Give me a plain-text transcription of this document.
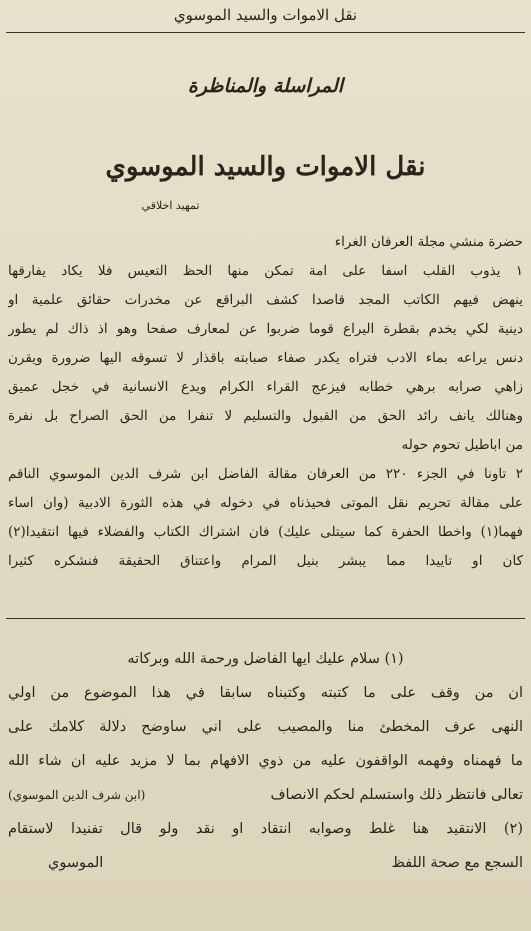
نقل الاموات والسيد الموسوي
المراسلة والمناظرة
نقل الاموات والسيد الموسوي
تمهيد اخلاقي
حضرة منشي مجلة العرفان الغراء
١ يذوب القلب اسفا على امة تمكن منها الحظ التعيس فلا يكاد يفارقها
ينهض فيهم الكاتب المجد قاصدا كشف البراقع عن مخدرات حقائق علمية او
دينية لكي يخدم بقطرة اليراع قوما ضربوا عن لمعارف صفحا وهو اذ ذاك لم يطور
دنس يراعه بماء الادب فتراه يكدر صفاء صبابته باقذار لا تسوقه اليها ضرورة ويقرن
زاهي صرابه برهي خطابه فيزعج القراء الكرام ويدع الانسانية في خجل عميق
وهنالك يانف رائد الحق من القبول والتسليم لا تنفرا من الحق الصراح بل نفرة
من اباطيل تحوم حوله
٢ تاونا في الجزء ٢٢٠ من العرفان مقالة الفاضل ابن شرف الدين الموسوي الناقم
على مقالة تحريم نقل الموتى فحيذناه في دخوله في هذه الثورة الادبية (وان اساء
فهما(١) واخطا الحفرة كما سيتلى عليك) فان اشتراك الكتاب والفضلاء فيها انتقيدا(٢)
كان او تاييدا مما يبشر بنيل المرام واعتناق الحقيقة فنشكره كثيرا
(١) سلام عليك ايها الفاضل ورحمة الله وبركاته
ان من وقف على ما كتبته وكتبناه سابقا في هذا الموضوع من اولي
النهى عرف المخطئ منا والمصيب على اني ساوضح دلالة كلامك على
ما فهمناه وفهمه الواقفون عليه من ذوي الافهام بما لا مزيد عليه ان شاء الله
تعالى فانتظر ذلك واستسلم لحكم الانصاف
(ابن شرف الدين الموسوي)
(٢) الانتقيد هنا غلط وصوابه انتقاد او نقد ولو قال تفنيدا لاستقام
السجع مع صحة اللفظ
الموسوي
